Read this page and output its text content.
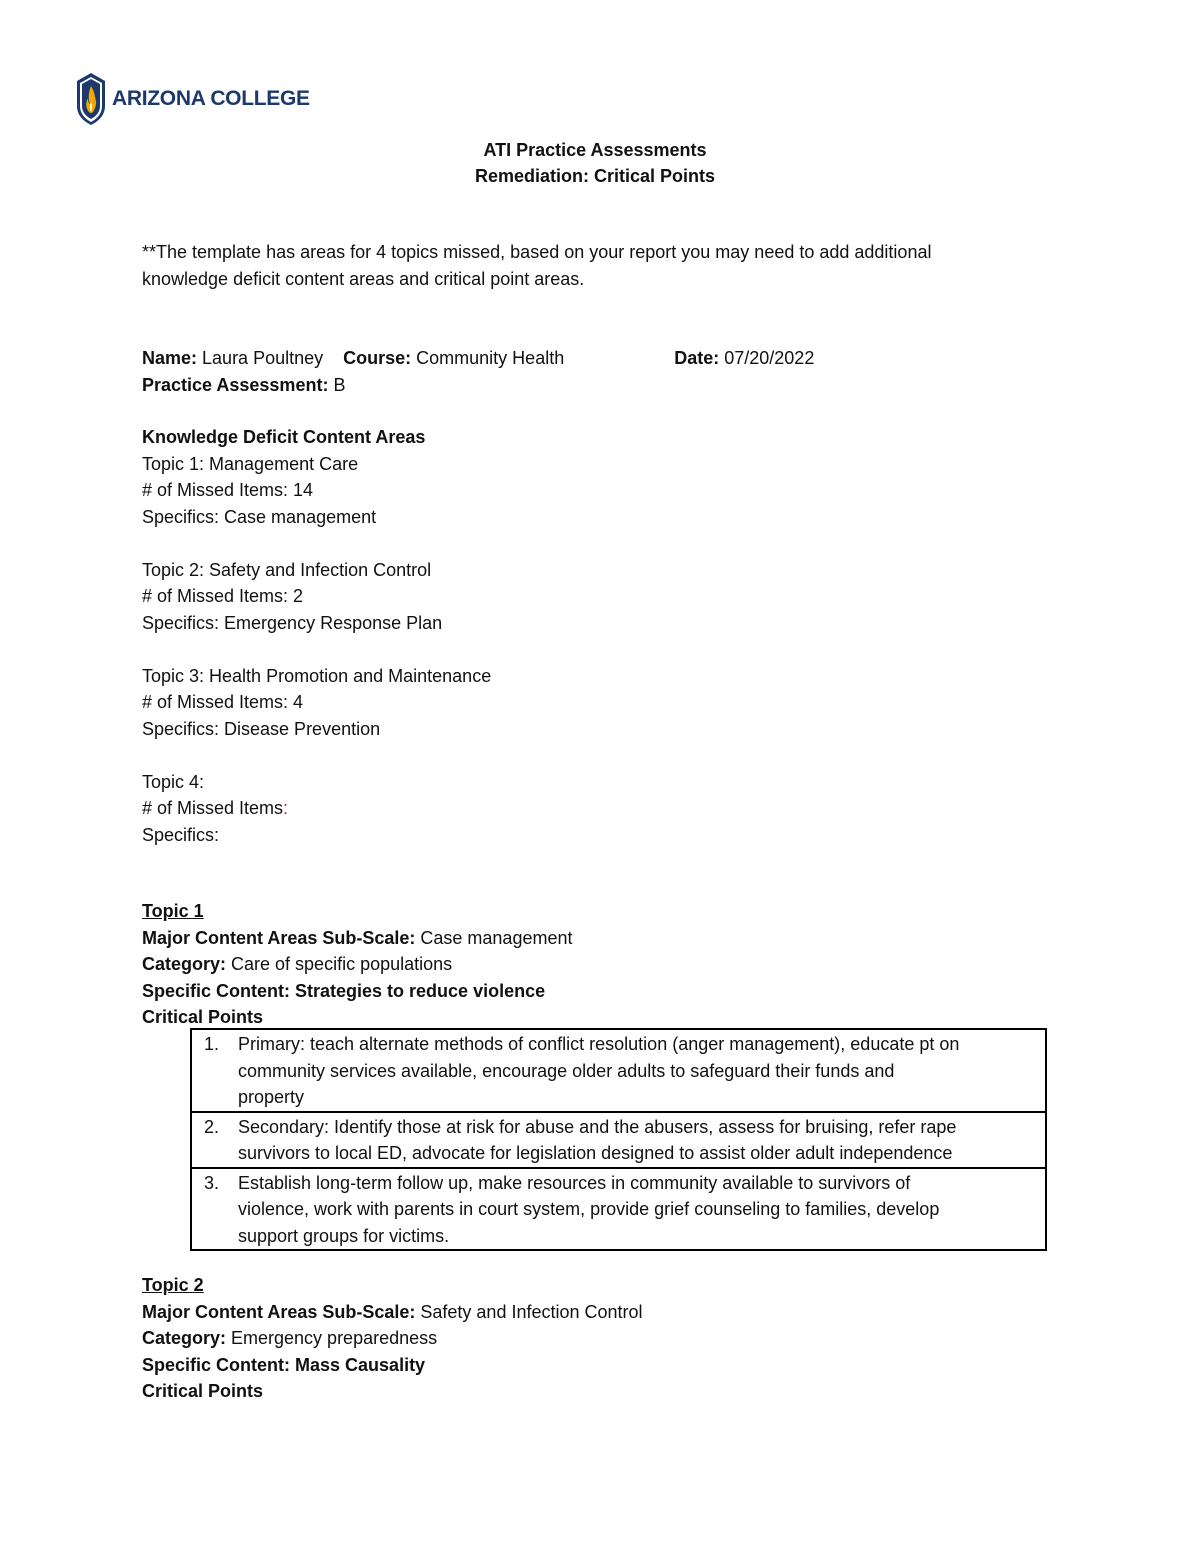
ARIZONA COLLEGE
ATI Practice Assessments
Remediation: Critical Points
**The template has areas for 4 topics missed, based on your report you may need to add additional
knowledge deficit content areas and critical point areas.
Name: Laura Poultney Course: Community Health	Date: 07/20/2022
Practice Assessment: B
Knowledge Deficit Content Areas
Topic 1: Management Care
# of Missed Items: 14
Specifics: Case management
Topic 2: Safety and Infection Control
# of Missed Items: 2
Specifics: Emergency Response Plan
Topic 3: Health Promotion and Maintenance
# of Missed Items: 4
Specifics: Disease Prevention
Topic 4:
# of Missed Items:
Specifics:
Topic 1
Major Content Areas Sub-Scale: Case management
Category: Care of specific populations
Specific Content: Strategies to reduce violence
Critical Points
1.	Primary: teach alternate methods of conflict resolution (anger management), educate pt on
community services available, encourage older adults to safeguard their funds and
property

2.	Secondary: Identify those at risk for abuse and the abusers, assess for bruising, refer rape
survivors to local ED, advocate for legislation designed to assist older adult independence

3.	Establish long-term follow up, make resources in community available to survivors of
violence, work with parents in court system, provide grief counseling to families, develop
support groups for victims.
Topic 2
Major Content Areas Sub-Scale: Safety and Infection Control
Category: Emergency preparedness
Specific Content: Mass Causality
Critical Points
